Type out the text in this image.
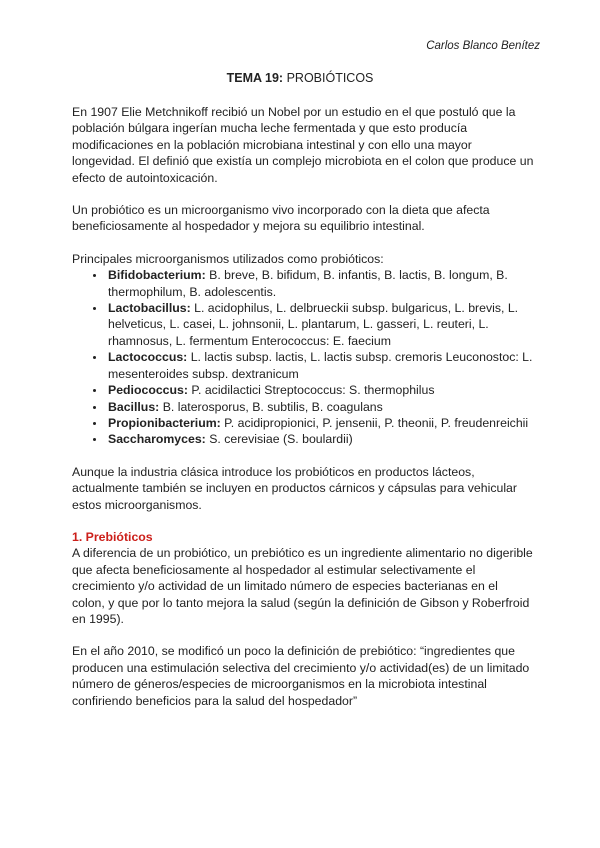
Carlos Blanco Benítez
TEMA 19: PROBIÓTICOS

En 1907 Elie Metchnikoff recibió un Nobel por un estudio en el que postuló que la población búlgara ingerían mucha leche fermentada y que esto producía modificaciones en la población microbiana intestinal y con ello una mayor longevidad. El definió que existía un complejo microbiota en el colon que produce un efecto de autointoxicación.

Un probiótico es un microorganismo vivo incorporado con la dieta que afecta beneficiosamente al hospedador y mejora su equilibrio intestinal.

Principales microorganismos utilizados como probióticos:

• Bifidobacterium: B. breve, B. bifidum, B. infantis, B. lactis, B. longum, B. thermophilum, B. adolescentis.
• Lactobacillus: L. acidophilus, L. delbrueckii subsp. bulgaricus, L. brevis, L. helveticus, L. casei, L. johnsonii, L. plantarum, L. gasseri, L. reuteri, L. rhamnosus, L. fermentum Enterococcus: E. faecium
• Lactococcus: L. lactis subsp. lactis, L. lactis subsp. cremoris Leuconostoc: L. mesenteroides subsp. dextranicum
• Pediococcus: P. acidilactici Streptococcus: S. thermophilus
• Bacillus: B. laterosporus, B. subtilis, B. coagulans
• Propionibacterium: P. acidipropionici, P. jensenii, P. theonii, P. freudenreichii
• Saccharomyces: S. cerevisiae (S. boulardii)

Aunque la industria clásica introduce los probióticos en productos lácteos, actualmente también se incluyen en productos cárnicos y cápsulas para vehicular estos microorganismos.

1. Prebióticos

A diferencia de un probiótico, un prebiótico es un ingrediente alimentario no digerible que afecta beneficiosamente al hospedador al estimular selectivamente el crecimiento y/o actividad de un limitado número de especies bacterianas en el colon, y que por lo tanto mejora la salud (según la definición de Gibson y Roberfroid en 1995).

En el año 2010, se modificó un poco la definición de prebiótico: “ingredientes que producen una estimulación selectiva del crecimiento y/o actividad(es) de un limitado número de géneros/especies de microorganismos en la microbiota intestinal confiriendo beneficios para la salud del hospedador”
